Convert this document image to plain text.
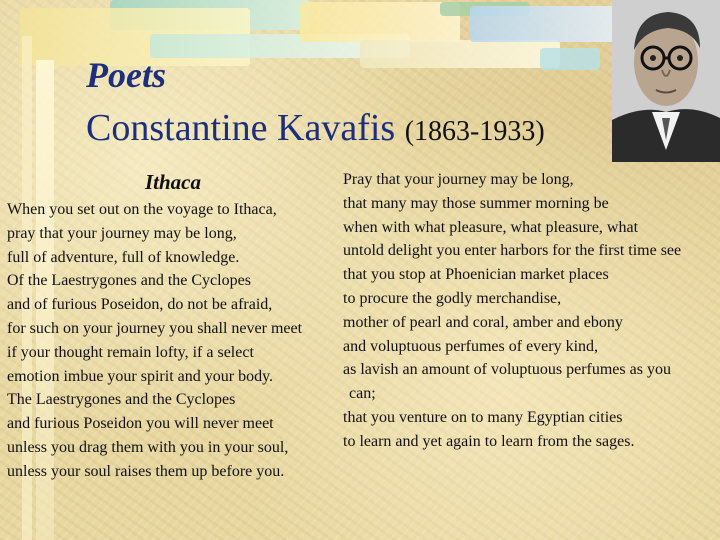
Poets
Constantine Kavafis (1863-1933)
Ithaca
When you set out on the voyage to Ithaca,
pray that your journey may be long,
full of adventure, full of knowledge.
Of the Laestrygones and the Cyclopes
and of furious Poseidon, do not be afraid,
for such on your journey you shall never meet
if your thought remain lofty, if a select
emotion imbue your spirit and your body.
The Laestrygones and the Cyclopes
and furious Poseidon you will never meet
unless you drag them with you in your soul,
unless your soul raises them up before you.
Pray that your journey may be long,
that many may those summer morning be
when with what pleasure, what pleasure, what
untold delight you enter harbors for the first time see
that you stop at Phoenician market places
to procure the godly merchandise,
mother of pearl and coral, amber and ebony
and voluptuous perfumes of every kind,
as lavish an amount of voluptuous perfumes as you
can;
that you venture on to many Egyptian cities
to learn and yet again to learn from the sages.
